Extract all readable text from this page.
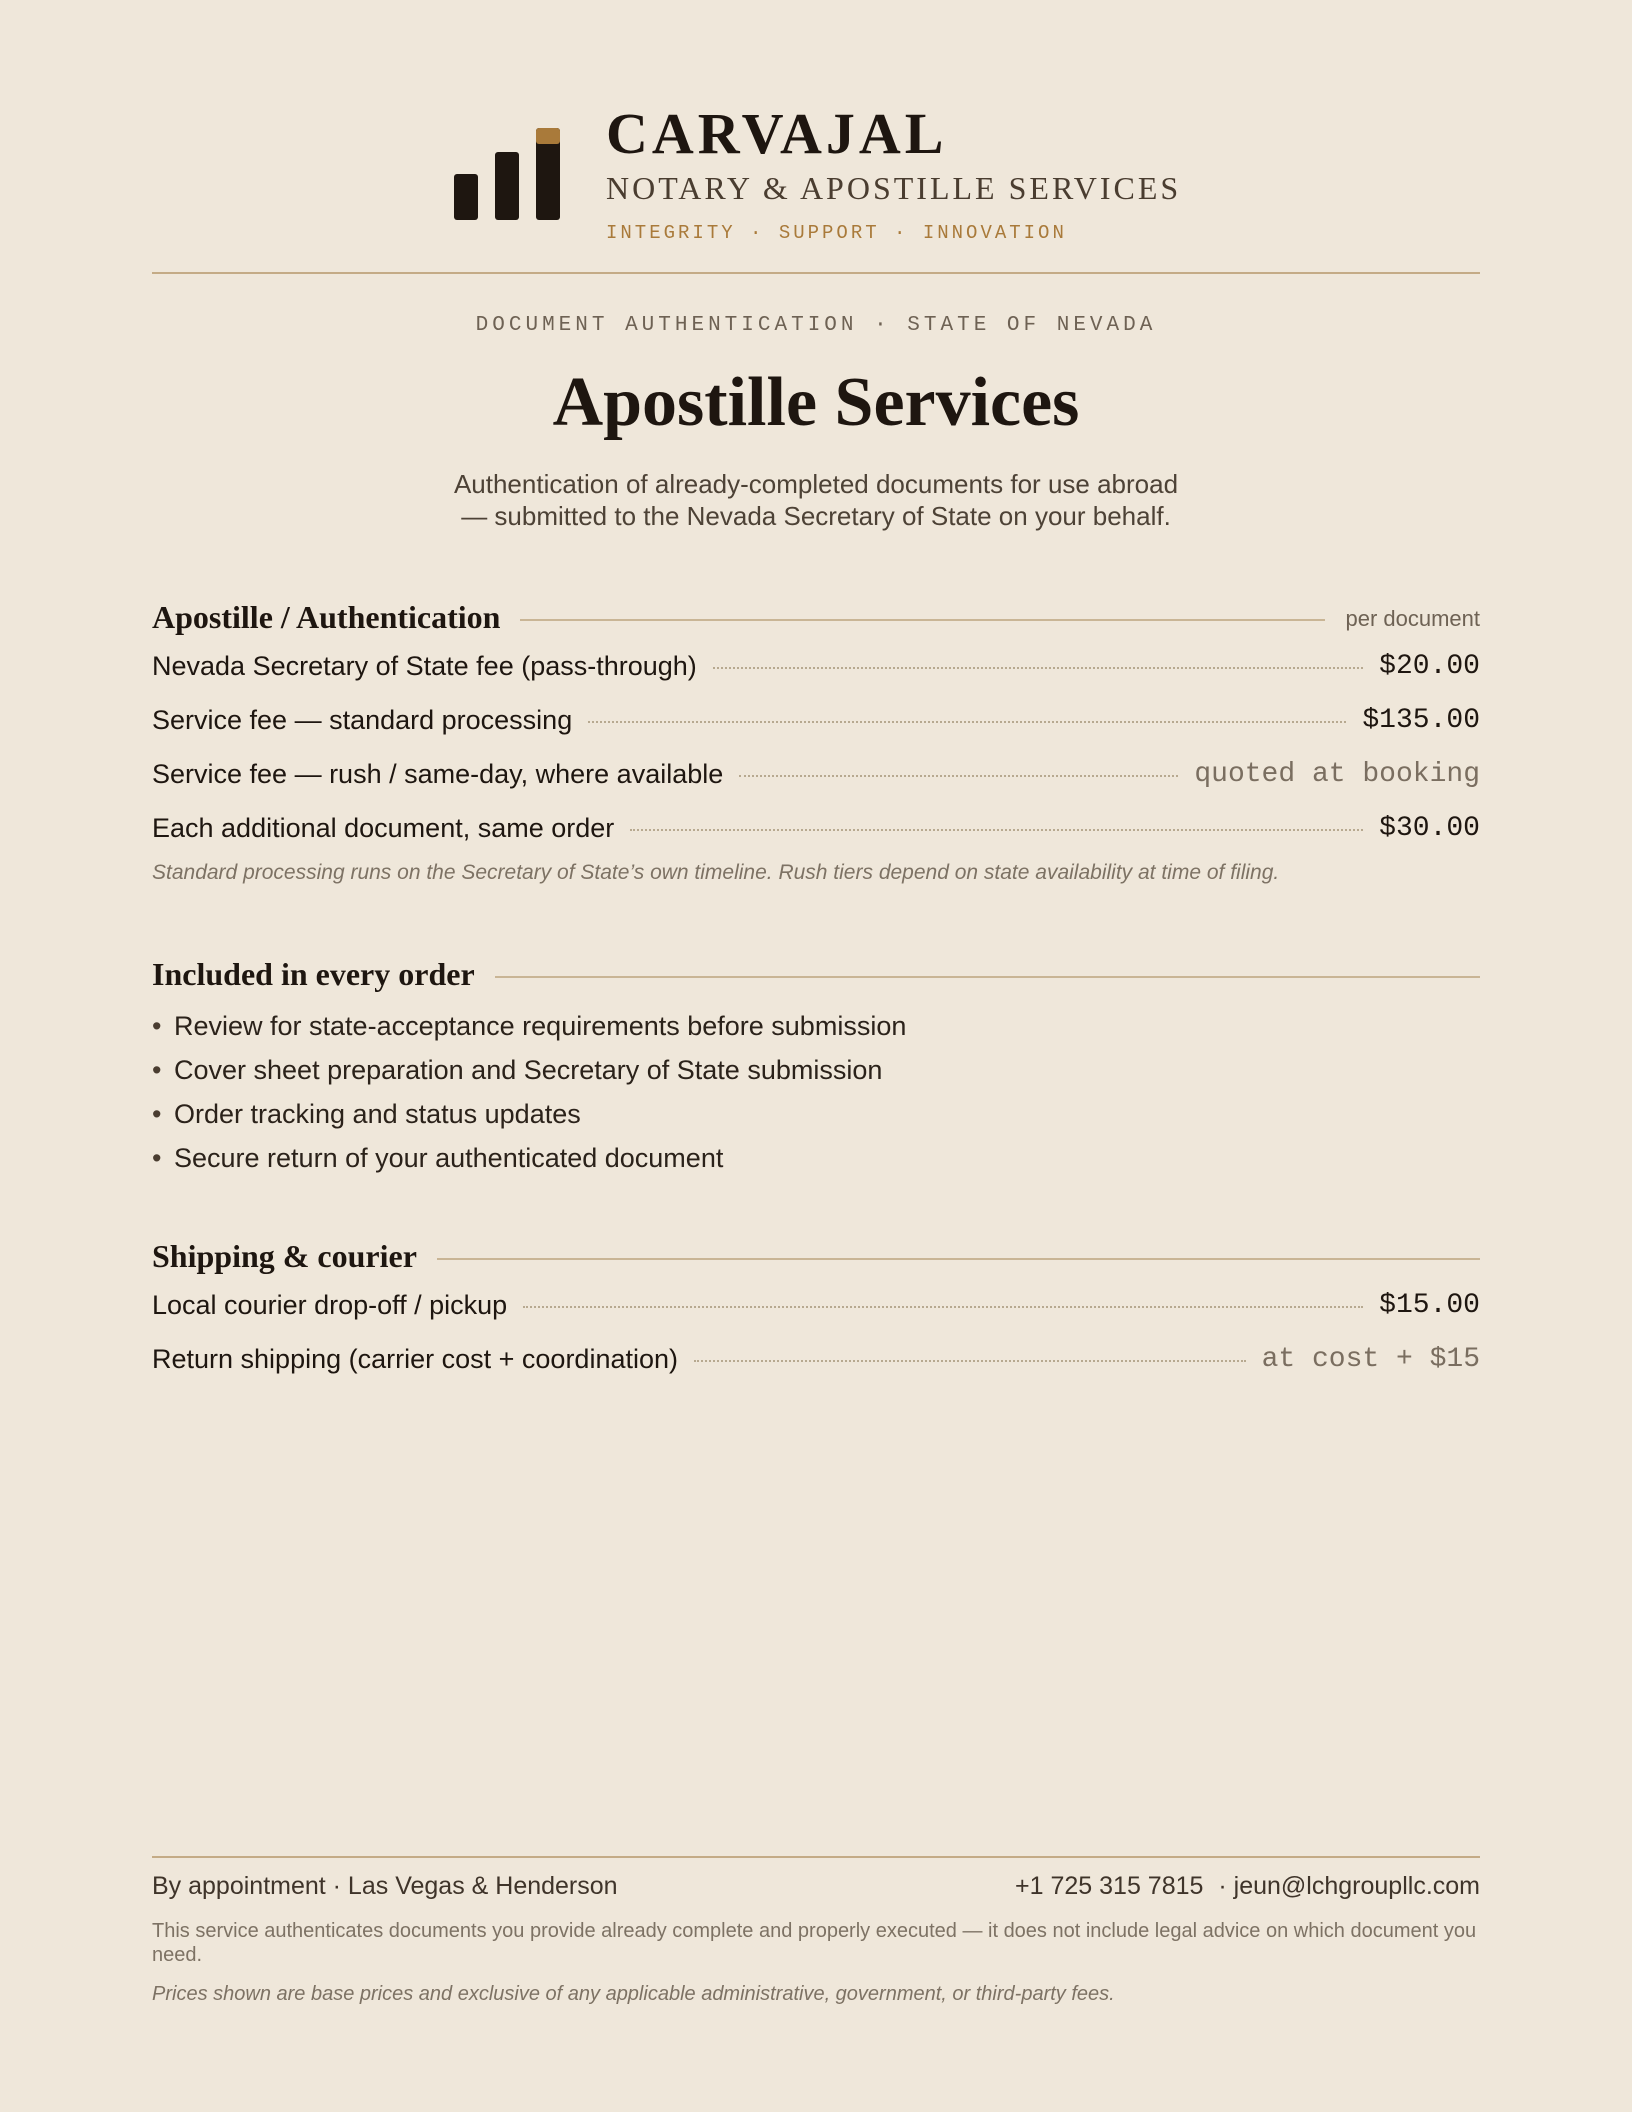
CARVAJAL
NOTARY & APOSTILLE SERVICES
INTEGRITY · SUPPORT · INNOVATION
DOCUMENT AUTHENTICATION · STATE OF NEVADA
Apostille Services
Authentication of already-completed documents for use abroad
— submitted to the Nevada Secretary of State on your behalf.
Apostille / Authentication	per document
Nevada Secretary of State fee (pass-through)	$20.00
Service fee — standard processing	$135.00
Service fee — rush / same-day, where available	quoted at booking
Each additional document, same order	$30.00
Standard processing runs on the Secretary of State’s own timeline. Rush tiers depend on state availability at time of filing.
Included in every order
• Review for state-acceptance requirements before submission
• Cover sheet preparation and Secretary of State submission
• Order tracking and status updates
• Secure return of your authenticated document
Shipping & courier
Local courier drop-off / pickup	$15.00
Return shipping (carrier cost + coordination)	at cost + $15
By appointment · Las Vegas & Henderson	+1 725 315 7815 · jeun@lchgroupllc.com
This service authenticates documents you provide already complete and properly executed — it does not include legal advice on which document you need.
Prices shown are base prices and exclusive of any applicable administrative, government, or third-party fees.
